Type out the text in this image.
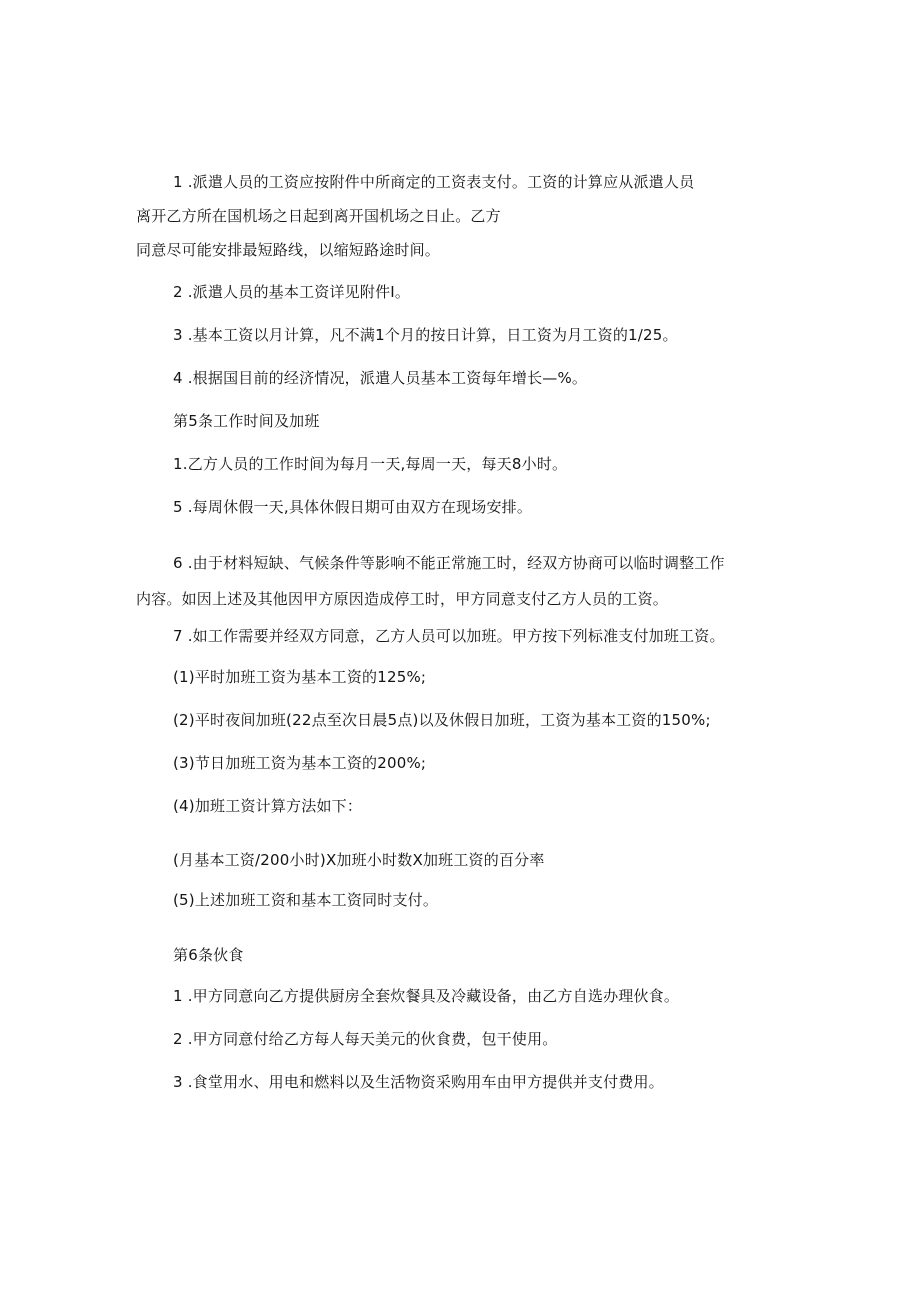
1 .派遣人员的工资应按附件中所商定的工资表支付。工资的计算应从派遣人员
离开乙方所在国机场之日起到离开国机场之日止。乙方
同意尽可能安排最短路线，以缩短路途时间。
2 .派遣人员的基本工资详见附件I。
3 .基本工资以月计算，凡不满1个月的按日计算，日工资为月工资的1/25。
4 .根据国目前的经济情况，派遣人员基本工资每年增长—%。
第5条工作时间及加班
1.乙方人员的工作时间为每月一天,每周一天，每天8小时。
5 .每周休假一天,具体休假日期可由双方在现场安排。
6 .由于材料短缺、气候条件等影响不能正常施工时，经双方协商可以临时调整工作
内容。如因上述及其他因甲方原因造成停工时，甲方同意支付乙方人员的工资。
7 .如工作需要并经双方同意，乙方人员可以加班。甲方按下列标准支付加班工资。
(1)平时加班工资为基本工资的125%;
(2)平时夜间加班(22点至次日晨5点)以及休假日加班，工资为基本工资的150%;
(3)节日加班工资为基本工资的200%;
(4)加班工资计算方法如下：
(月基本工资/200小时)X加班小时数X加班工资的百分率
(5)上述加班工资和基本工资同时支付。
第6条伙食
1 .甲方同意向乙方提供厨房全套炊餐具及冷藏设备，由乙方自选办理伙食。
2 .甲方同意付给乙方每人每天美元的伙食费，包干使用。
3 .食堂用水、用电和燃料以及生活物资采购用车由甲方提供并支付费用。
